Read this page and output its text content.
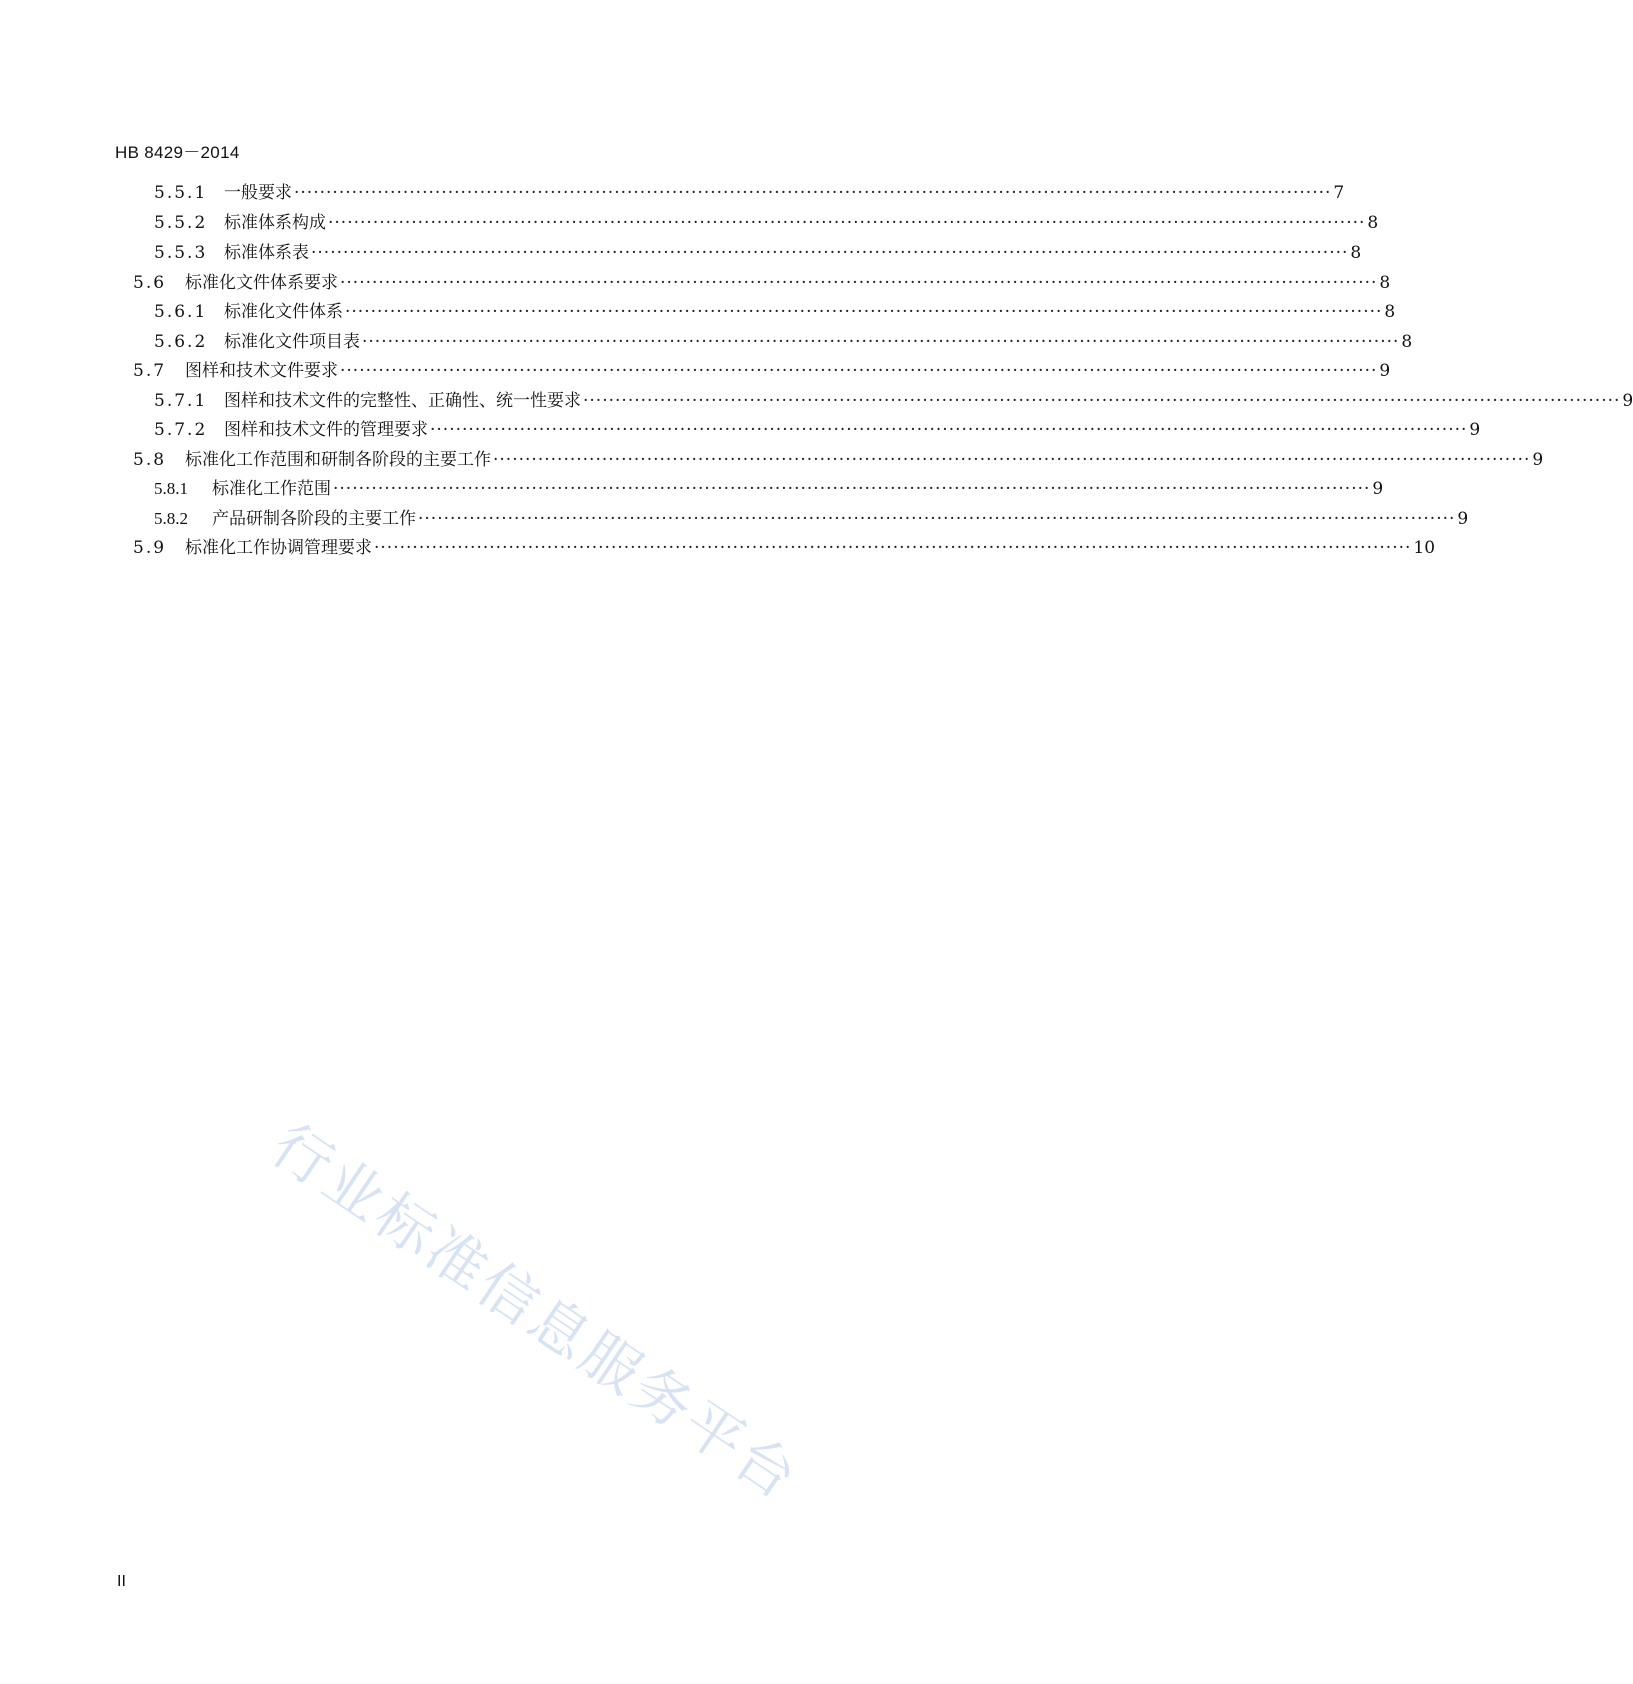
HB 8429－2014
5.5.1 一般要求 ·································································································································································· 7
5.5.2 标准体系构成 ·································································································································································· 8
5.5.3 标准体系表 ·································································································································································· 8
5.6	标准化文件体系要求 ·································································································································································· 8
5.6.1 标准化文件体系 ·································································································································································· 8
5.6.2 标准化文件项目表 ·································································································································································· 8
5.7	图样和技术文件要求 ·································································································································································· 9
5.7.1 图样和技术文件的完整性、正确性、统一性要求 ·································································································································································· 9
5.7.2 图样和技术文件的管理要求 ·································································································································································· 9
5.8	标准化工作范围和研制各阶段的主要工作 ·································································································································································· 9
5.8.1	标准化工作范围 ·································································································································································· 9
5.8.2	产品研制各阶段的主要工作 ·································································································································································· 9
5.9	标准化工作协调管理要求 ·································································································································································· 10
行业标准信息服务平台
II
